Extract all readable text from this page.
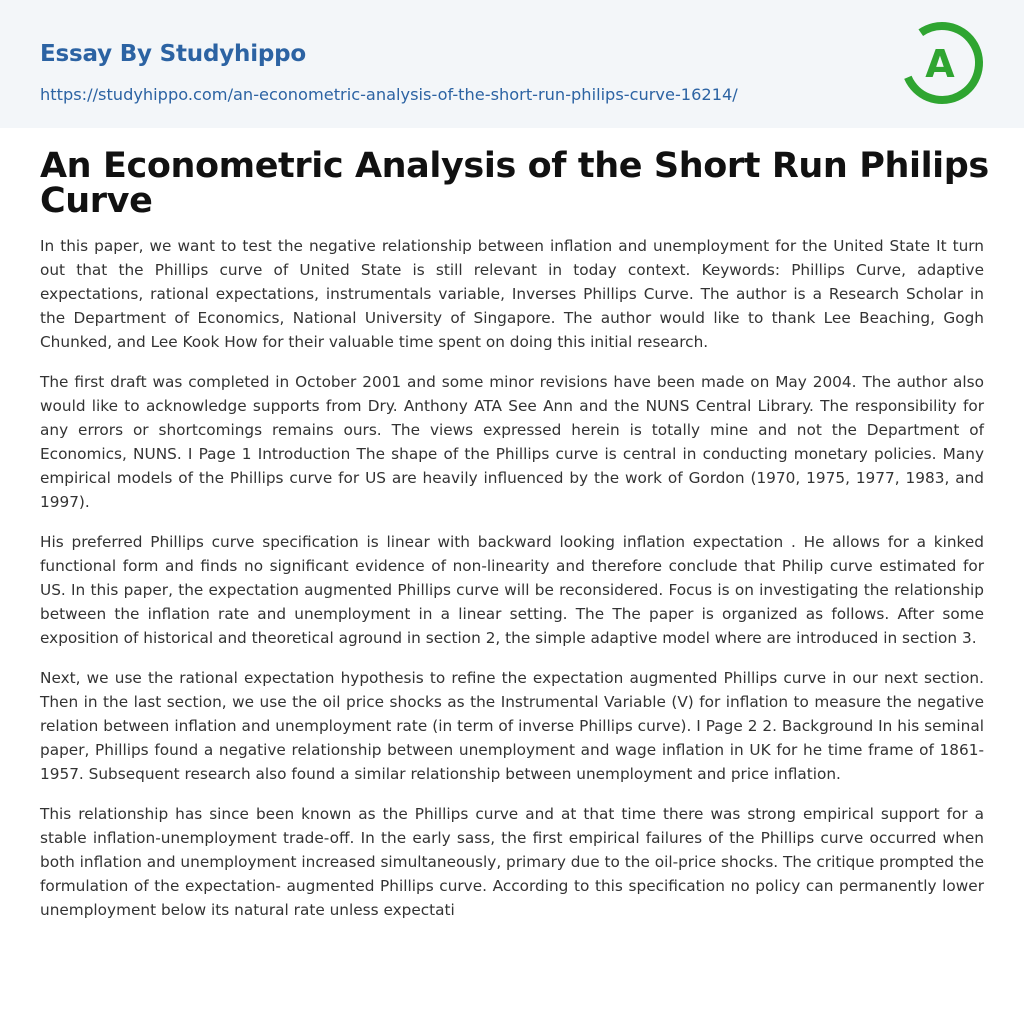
Essay By Studyhippo
https://studyhippo.com/an-econometric-analysis-of-the-short-run-philips-curve-16214/
A
An Econometric Analysis of the Short Run Philips Curve

In this paper, we want to test the negative relationship between inflation and unemployment for the United State It turn out that the Phillips curve of United State is still relevant in today context. Keywords: Phillips Curve, adaptive expectations, rational expectations, instrumentals variable, Inverses Phillips Curve. The author is a Research Scholar in the Department of Economics, National University of Singapore. The author would like to thank Lee Beaching, Gogh Chunked, and Lee Kook How for their valuable time spent on doing this initial research.

The first draft was completed in October 2001 and some minor revisions have been made on May 2004. The author also would like to acknowledge supports from Dry. Anthony ATA See Ann and the NUNS Central Library. The responsibility for any errors or shortcomings remains ours. The views expressed herein is totally mine and not the Department of Economics, NUNS. I Page 1 Introduction The shape of the Phillips curve is central in conducting monetary policies. Many empirical models of the Phillips curve for US are heavily influenced by the work of Gordon (1970, 1975, 1977, 1983, and 1997).

His preferred Phillips curve specification is linear with backward looking inflation expectation . He allows for a kinked functional form and finds no significant evidence of non-linearity and therefore conclude that Philip curve estimated for US. In this paper, the expectation augmented Phillips curve will be reconsidered. Focus is on investigating the relationship between the inflation rate and unemployment in a linear setting. The The paper is organized as follows. After some exposition of historical and theoretical aground in section 2, the simple adaptive model where are introduced in section 3.

Next, we use the rational expectation hypothesis to refine the expectation augmented Phillips curve in our next section. Then in the last section, we use the oil price shocks as the Instrumental Variable (V) for inflation to measure the negative relation between inflation and unemployment rate (in term of inverse Phillips curve). I Page 2 2. Background In his seminal paper, Phillips found a negative relationship between unemployment and wage inflation in UK for he time frame of 1861-1957. Subsequent research also found a similar relationship between unemployment and price inflation.

This relationship has since been known as the Phillips curve and at that time there was strong empirical support for a stable inflation-unemployment trade-off. In the early sass, the first empirical failures of the Phillips curve occurred when both inflation and unemployment increased simultaneously, primary due to the oil-price shocks. The critique prompted the formulation of the expectation- augmented Phillips curve. According to this specification no policy can permanently lower unemployment below its natural rate unless expectati
